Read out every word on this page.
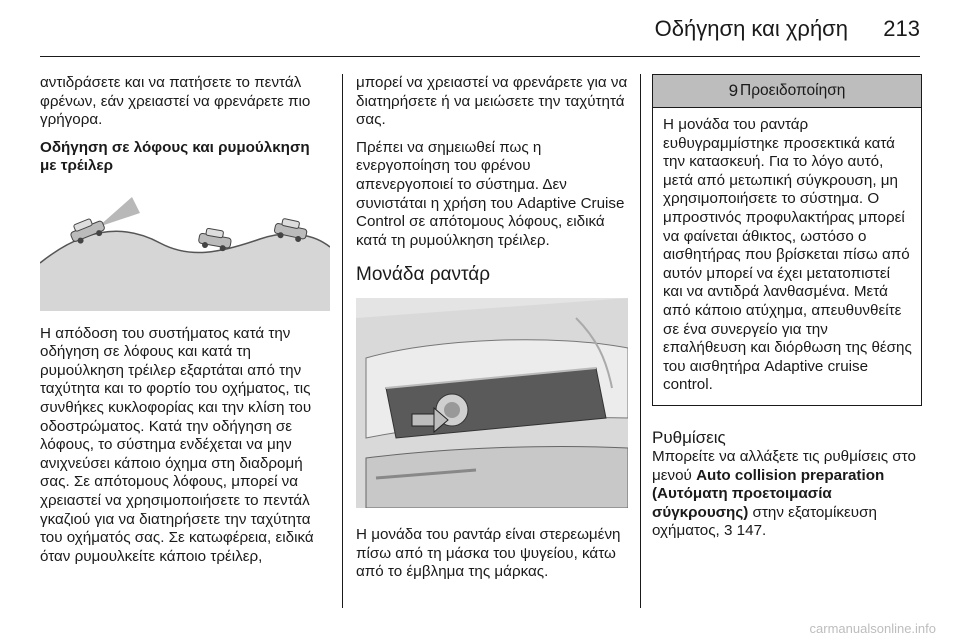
Οδήγηση και χρήση 213

αντιδράσετε και να πατήσετε το πεντάλ φρένων, εάν χρειαστεί να φρενάρετε πιο γρήγορα.

Οδήγηση σε λόφους και ρυμούλκηση με τρέιλερ

Η απόδοση του συστήματος κατά την οδήγηση σε λόφους και κατά τη ρυμούλκηση τρέιλερ εξαρτάται από την ταχύτητα και το φορτίο του οχήματος, τις συνθήκες κυκλοφορίας και την κλίση του οδοστρώματος. Κατά την οδήγηση σε λόφους, το σύστημα ενδέχεται να μην ανιχνεύσει κάποιο όχημα στη διαδρομή σας. Σε απότομους λόφους, μπορεί να χρειαστεί να χρησιμοποιήσετε το πεντάλ γκαζιού για να διατηρήσετε την ταχύτητα του οχήματός σας. Σε κατωφέρεια, ειδικά όταν ρυμουλκείτε κάποιο τρέιλερ,

μπορεί να χρειαστεί να φρενάρετε για να διατηρήσετε ή να μειώσετε την ταχύτητά σας.

Πρέπει να σημειωθεί πως η ενεργοποίηση του φρένου απενεργοποιεί το σύστημα. Δεν συνιστάται η χρήση του Adaptive Cruise Control σε απότομους λόφους, ειδικά κατά τη ρυμούλκηση τρέιλερ.

Μονάδα ραντάρ

Η μονάδα του ραντάρ είναι στερεωμένη πίσω από τη μάσκα του ψυγείου, κάτω από το έμβλημα της μάρκας.

9 Προειδοποίηση
Η μονάδα του ραντάρ ευθυγραμμίστηκε προσεκτικά κατά την κατασκευή. Για το λόγο αυτό, μετά από μετωπική σύγκρουση, μη χρησιμοποιήσετε το σύστημα. Ο μπροστινός προφυλακτήρας μπορεί να φαίνεται άθικτος, ωστόσο ο αισθητήρας που βρίσκεται πίσω από αυτόν μπορεί να έχει μετατοπιστεί και να αντιδρά λανθασμένα. Μετά από κάποιο ατύχημα, απευθυνθείτε σε ένα συνεργείο για την επαλήθευση και διόρθωση της θέσης του αισθητήρα Adaptive cruise control.
Ρυθμίσεις

Μπορείτε να αλλάξετε τις ρυθμίσεις στο μενού Auto collision preparation (Αυτόματη προετοιμασία σύγκρουσης) στην εξατομίκευση οχήματος, 3 147.

carmanualsonline.info
